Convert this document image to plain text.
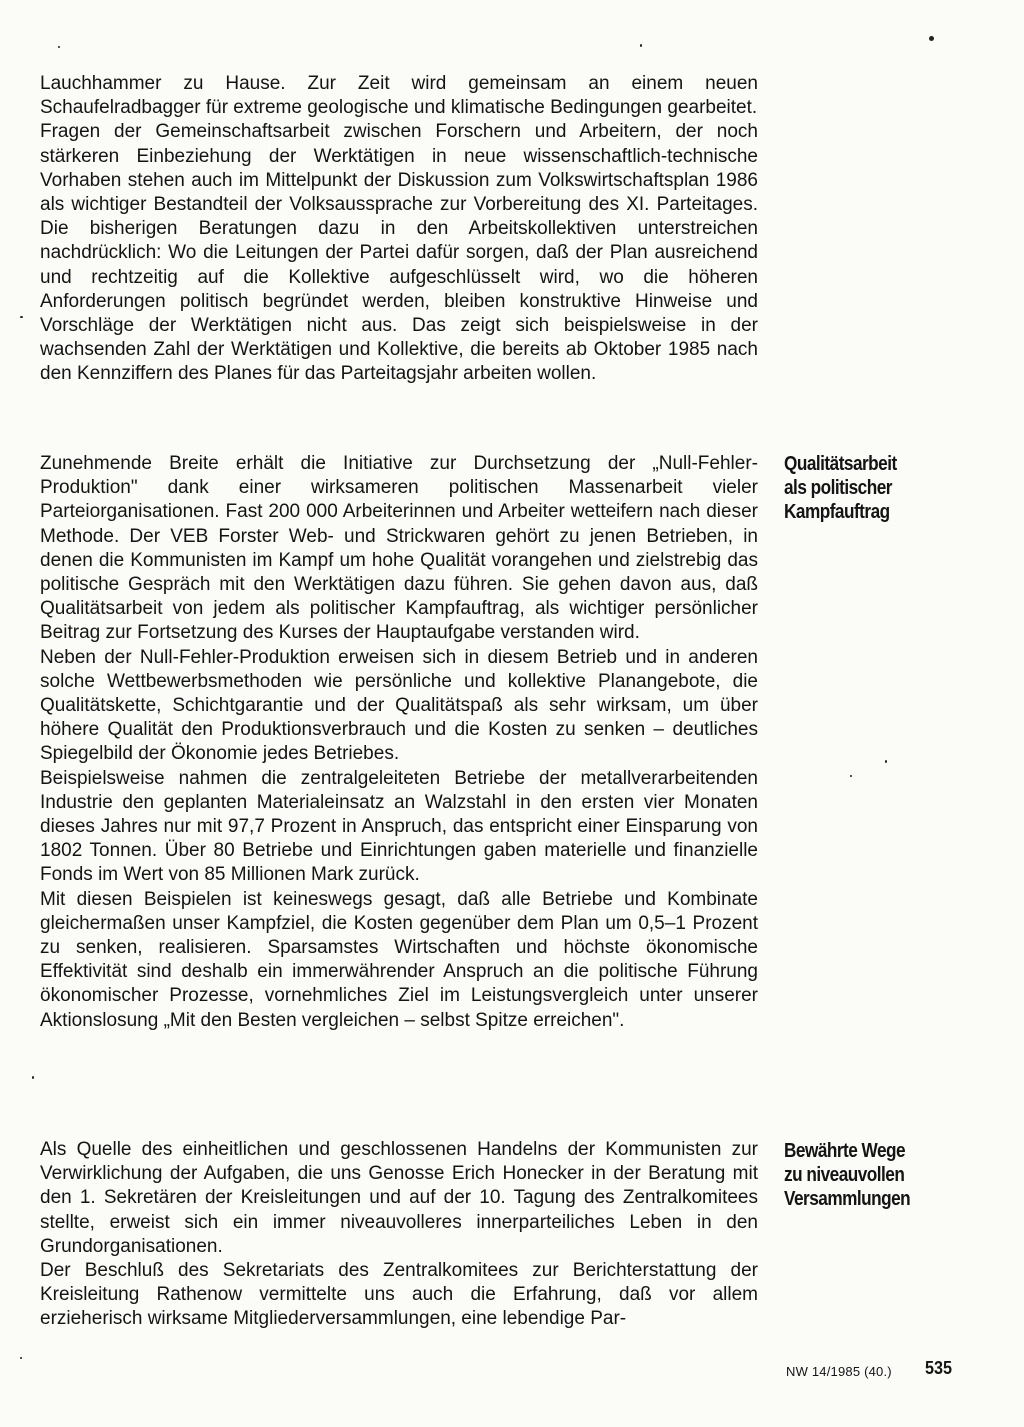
Lauchhammer zu Hause. Zur Zeit wird gemeinsam an einem neuen Schaufelradbagger für extreme geologische und klimatische Bedingungen gearbeitet.

Fragen der Gemeinschaftsarbeit zwischen Forschern und Arbeitern, der noch stärkeren Einbeziehung der Werktätigen in neue wissenschaftlich-technische Vorhaben stehen auch im Mittelpunkt der Diskussion zum Volkswirtschaftsplan 1986 als wichtiger Bestandteil der Volksaussprache zur Vorbereitung des XI. Parteitages. Die bisherigen Beratungen dazu in den Arbeitskollektiven unterstreichen nachdrücklich: Wo die Leitungen der Partei dafür sorgen, daß der Plan ausreichend und rechtzeitig auf die Kollektive aufgeschlüsselt wird, wo die höheren Anforderungen politisch begründet werden, bleiben konstruktive Hinweise und Vorschläge der Werktätigen nicht aus. Das zeigt sich beispielsweise in der wachsenden Zahl der Werktätigen und Kollektive, die bereits ab Oktober 1985 nach den Kennziffern des Planes für das Parteitagsjahr arbeiten wollen.

Qualitätsarbeit
als politischer
Kampfauftrag

Zunehmende Breite erhält die Initiative zur Durchsetzung der „Null-Fehler-Produktion" dank einer wirksameren politischen Massenarbeit vieler Parteiorganisationen. Fast 200 000 Arbeiterinnen und Arbeiter wetteifern nach dieser Methode. Der VEB Forster Web- und Strickwaren gehört zu jenen Betrieben, in denen die Kommunisten im Kampf um hohe Qualität vorangehen und zielstrebig das politische Gespräch mit den Werktätigen dazu führen. Sie gehen davon aus, daß Qualitätsarbeit von jedem als politischer Kampfauftrag, als wichtiger persönlicher Beitrag zur Fortsetzung des Kurses der Hauptaufgabe verstanden wird.

Neben der Null-Fehler-Produktion erweisen sich in diesem Betrieb und in anderen solche Wettbewerbsmethoden wie persönliche und kollektive Planangebote, die Qualitätskette, Schichtgarantie und der Qualitätspaß als sehr wirksam, um über höhere Qualität den Produktionsverbrauch und die Kosten zu senken – deutliches Spiegelbild der Ökonomie jedes Betriebes.

Beispielsweise nahmen die zentralgeleiteten Betriebe der metallverarbeitenden Industrie den geplanten Materialeinsatz an Walzstahl in den ersten vier Monaten dieses Jahres nur mit 97,7 Prozent in Anspruch, das entspricht einer Einsparung von 1802 Tonnen. Über 80 Betriebe und Einrichtungen gaben materielle und finanzielle Fonds im Wert von 85 Millionen Mark zurück.

Mit diesen Beispielen ist keineswegs gesagt, daß alle Betriebe und Kombinate gleichermaßen unser Kampfziel, die Kosten gegenüber dem Plan um 0,5–1 Prozent zu senken, realisieren. Sparsamstes Wirtschaften und höchste ökonomische Effektivität sind deshalb ein immerwährender Anspruch an die politische Führung ökonomischer Prozesse, vornehmliches Ziel im Leistungsvergleich unter unserer Aktionslosung „Mit den Besten vergleichen – selbst Spitze erreichen".

Bewährte Wege
zu niveauvollen
Versammlungen

Als Quelle des einheitlichen und geschlossenen Handelns der Kommunisten zur Verwirklichung der Aufgaben, die uns Genosse Erich Honecker in der Beratung mit den 1. Sekretären der Kreisleitungen und auf der 10. Tagung des Zentralkomitees stellte, erweist sich ein immer niveauvolleres innerparteiliches Leben in den Grundorganisationen.

Der Beschluß des Sekretariats des Zentralkomitees zur Berichterstattung der Kreisleitung Rathenow vermittelte uns auch die Erfahrung, daß vor allem erzieherisch wirksame Mitgliederversammlungen, eine lebendige Par-

NW 14/1985 (40.) 535
